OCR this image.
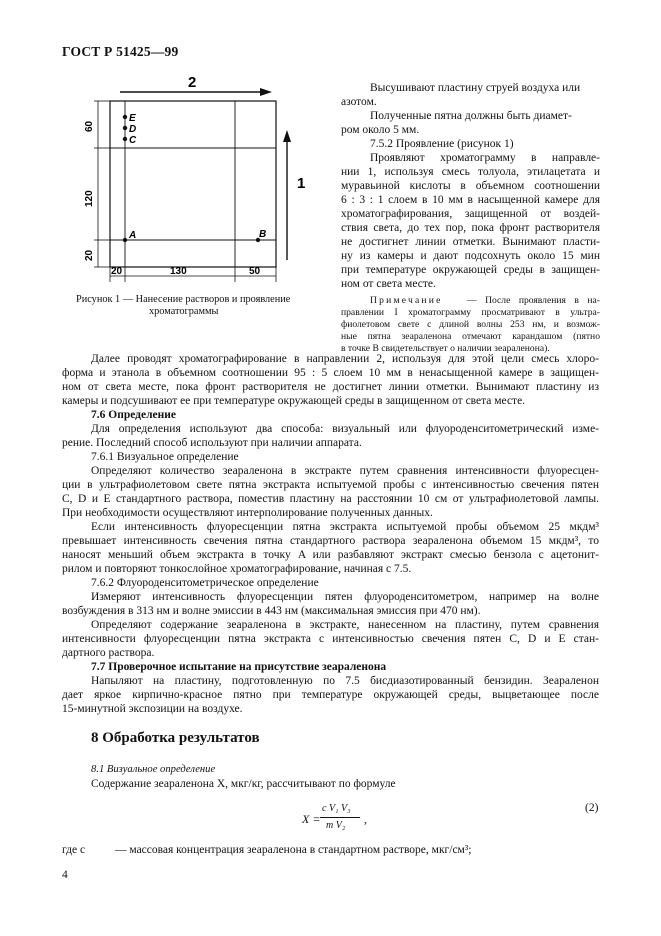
ГОСТ Р 51425—99
2
1
60
120
20
20	130	50
E
D
C
A	B
Рисунок 1 — Нанесение растворов и проявление
хроматограммы
Высушивают пластину струей воздуха или
азотом.
Полученные пятна должны быть диамет-
ром около 5 мм.
7.5.2 Проявление (рисунок 1)
Проявляют хроматограмму в направле-
нии 1, используя смесь толуола, этилацетата и
муравьиной кислоты в объемном соотношении
6 : 3 : 1 слоем в 10 мм в насыщенной камере для
хроматографирования, защищенной от воздей-
ствия света, до тех пор, пока фронт растворителя
не достигнет линии отметки. Вынимают пласти-
ну из камеры и дают подсохнуть около 15 мин
при температуре окружающей среды в защищен-
ном от света месте.
Примечание	— После проявления в на-
правлении I хроматограмму просматривают в ультра-
фиолетовом свете с длиной волны 253 нм, и возмож-
ные пятна зеараленона отмечают карандашом (пятно
в точке B свидетельствует о наличии зеараленона).
Далее проводят хроматографирование в направлении 2, используя для этой цели смесь хлоро-
форма и этанола в объемном соотношении 95 : 5 слоем 10 мм в ненасыщенной камере в защищен-
ном от света месте, пока фронт растворителя не достигнет линии отметки. Вынимают пластину из
камеры и подсушивают ее при температуре окружающей среды в защищенном от света месте.
7.6 Определение
Для определения используют два способа: визуальный или флуороденситометрический изме-
рение. Последний способ используют при наличии аппарата.
7.6.1 Визуальное определение
Определяют количество зеараленона в экстракте путем сравнения интенсивности флуоресцен-
ции в ультрафиолетовом свете пятна экстракта испытуемой пробы с интенсивностью свечения пятен
C, D и E стандартного раствора, поместив пластину на расстоянии 10 см от ультрафиолетовой лампы.
При необходимости осуществляют интерполирование полученных данных.
Если интенсивность флуоресценции пятна экстракта испытуемой пробы объемом 25 мкдм³
превышает интенсивность свечения пятна стандартного раствора зеараленона объемом 15 мкдм³, то
наносят меньший объем экстракта в точку A или разбавляют экстракт смесью бензола с ацетонит-
рилом и повторяют тонкослойное хроматографирование, начиная с 7.5.
7.6.2 Флуороденситометрическое определение
Измеряют интенсивность флуоресценции пятен флуороденситометром, например на волне
возбуждения в 313 нм и волне эмиссии в 443 нм (максимальная эмиссия при 470 нм).
Определяют содержание зеараленона в экстракте, нанесенном на пластину, путем сравнения
интенсивности флуоресценции пятна экстракта с интенсивностью свечения пятен C, D и E стан-
дартного раствора.
7.7 Проверочное испытание на присутствие зеараленона
Напыляют на пластину, подготовленную по 7.5 бисдиазотированный бензидин. Зеараленон
дает яркое кирпично-красное пятно при температуре окружающей среды, выцветающее после
15-минутной экспозиции на воздухе.
8 Обработка результатов
8.1 Визуальное определение
Содержание зеараленона X, мкг/кг, рассчитывают по формуле
X =
c V₁ V₃
m V₂ ,
(2)
где c	— массовая концентрация зеараленона в стандартном растворе, мкг/см³;
4
